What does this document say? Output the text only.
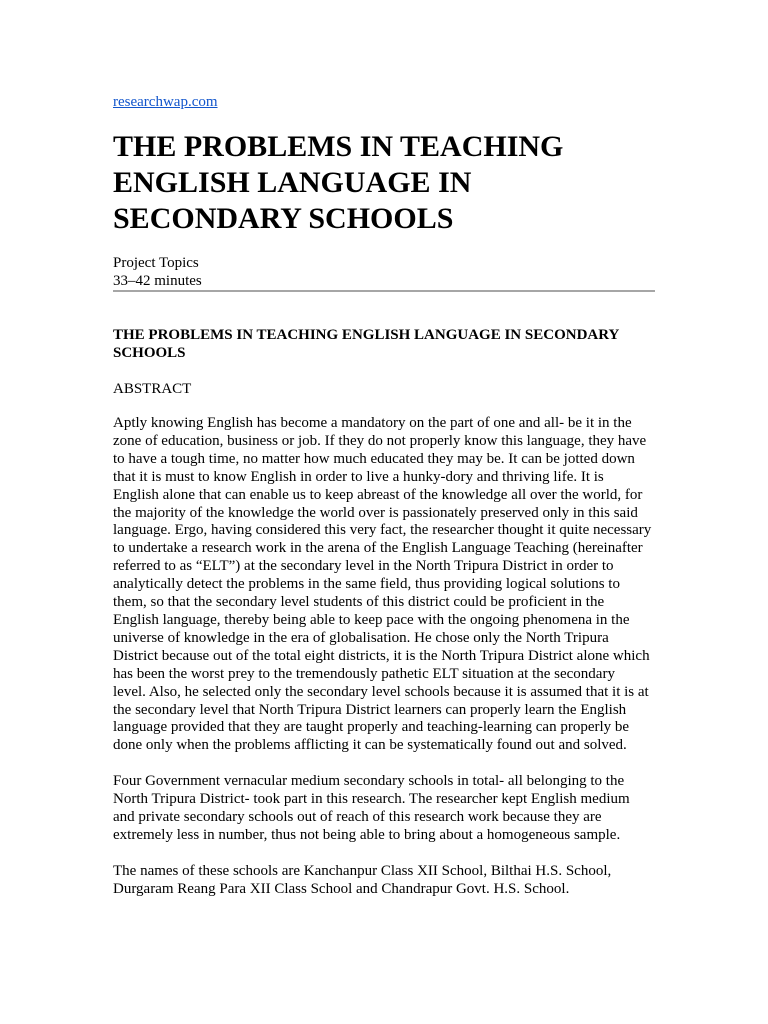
researchwap.com
THE PROBLEMS IN TEACHING ENGLISH LANGUAGE IN SECONDARY SCHOOLS
Project Topics
33–42 minutes
THE PROBLEMS IN TEACHING ENGLISH LANGUAGE IN SECONDARY SCHOOLS
ABSTRACT
Aptly knowing English has become a mandatory on the part of one and all- be it in the
zone of education, business or job. If they do not properly know this language, they have
to have a tough time, no matter how much educated they may be. It can be jotted down
that it is must to know English in order to live a hunky-dory and thriving life. It is
English alone that can enable us to keep abreast of the knowledge all over the world, for
the majority of the knowledge the world over is passionately preserved only in this said
language. Ergo, having considered this very fact, the researcher thought it quite necessary
to undertake a research work in the arena of the English Language Teaching (hereinafter
referred to as “ELT”) at the secondary level in the North Tripura District in order to
analytically detect the problems in the same field, thus providing logical solutions to
them, so that the secondary level students of this district could be proficient in the
English language, thereby being able to keep pace with the ongoing phenomena in the
universe of knowledge in the era of globalisation. He chose only the North Tripura
District because out of the total eight districts, it is the North Tripura District alone which
has been the worst prey to the tremendously pathetic ELT situation at the secondary
level. Also, he selected only the secondary level schools because it is assumed that it is at
the secondary level that North Tripura District learners can properly learn the English
language provided that they are taught properly and teaching-learning can properly be
done only when the problems afflicting it can be systematically found out and solved.
Four Government vernacular medium secondary schools in total- all belonging to the
North Tripura District- took part in this research. The researcher kept English medium
and private secondary schools out of reach of this research work because they are
extremely less in number, thus not being able to bring about a homogeneous sample.
The names of these schools are Kanchanpur Class XII School, Bilthai H.S. School,
Durgaram Reang Para XII Class School and Chandrapur Govt. H.S. School.
